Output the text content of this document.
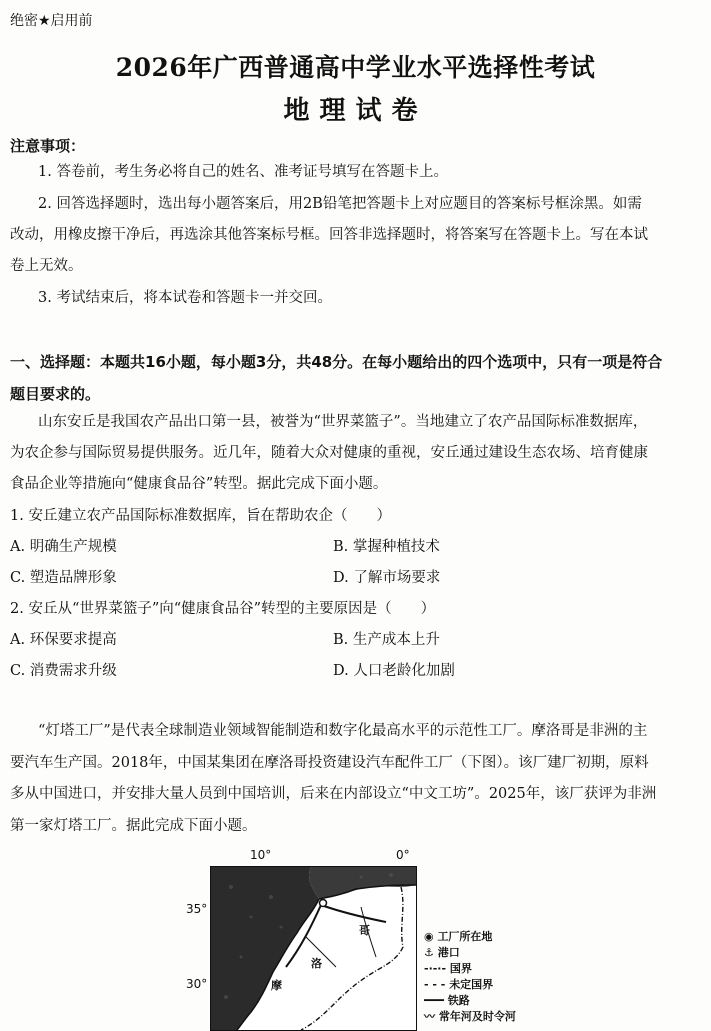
绝密★启用前
2026年广西普通高中学业水平选择性考试
地理试卷
注意事项：
1. 答卷前，考生务必将自己的姓名、准考证号填写在答题卡上。
2. 回答选择题时，选出每小题答案后，用2B铅笔把答题卡上对应题目的答案标号框涂黑。如需
改动，用橡皮擦干净后，再选涂其他答案标号框。回答非选择题时，将答案写在答题卡上。写在本试
卷上无效。
3. 考试结束后，将本试卷和答题卡一并交回。
一、选择题：本题共16小题，每小题3分，共48分。在每小题给出的四个选项中，只有一项是符合
题目要求的。
山东安丘是我国农产品出口第一县，被誉为“世界菜篮子”。当地建立了农产品国际标准数据库，
为农企参与国际贸易提供服务。近几年，随着大众对健康的重视，安丘通过建设生态农场、培育健康
食品企业等措施向“健康食品谷”转型。据此完成下面小题。
1. 安丘建立农产品国际标准数据库，旨在帮助农企（　　）
A. 明确生产规模	B. 掌握种植技术
C. 塑造品牌形象	D. 了解市场要求
2. 安丘从“世界菜篮子”向“健康食品谷”转型的主要原因是（　　）
A. 环保要求提高	B. 生产成本上升
C. 消费需求升级	D. 人口老龄化加剧
“灯塔工厂”是代表全球制造业领域智能制造和数字化最高水平的示范性工厂。摩洛哥是非洲的主
要汽车生产国。2018年，中国某集团在摩洛哥投资建设汽车配件工厂（下图）。该厂建厂初期，原料
多从中国进口，并安排大量人员到中国培训，后来在内部设立“中文工坊”。2025年，该厂获评为非洲
第一家灯塔工厂。据此完成下面小题。
10°	0°
35°
30°
哥
洛
摩
◉ 工厂所在地
⚓ 港口
-·-·- 国界
- - - 未定国界
━━━ 铁路
〰 常年河及时令河
